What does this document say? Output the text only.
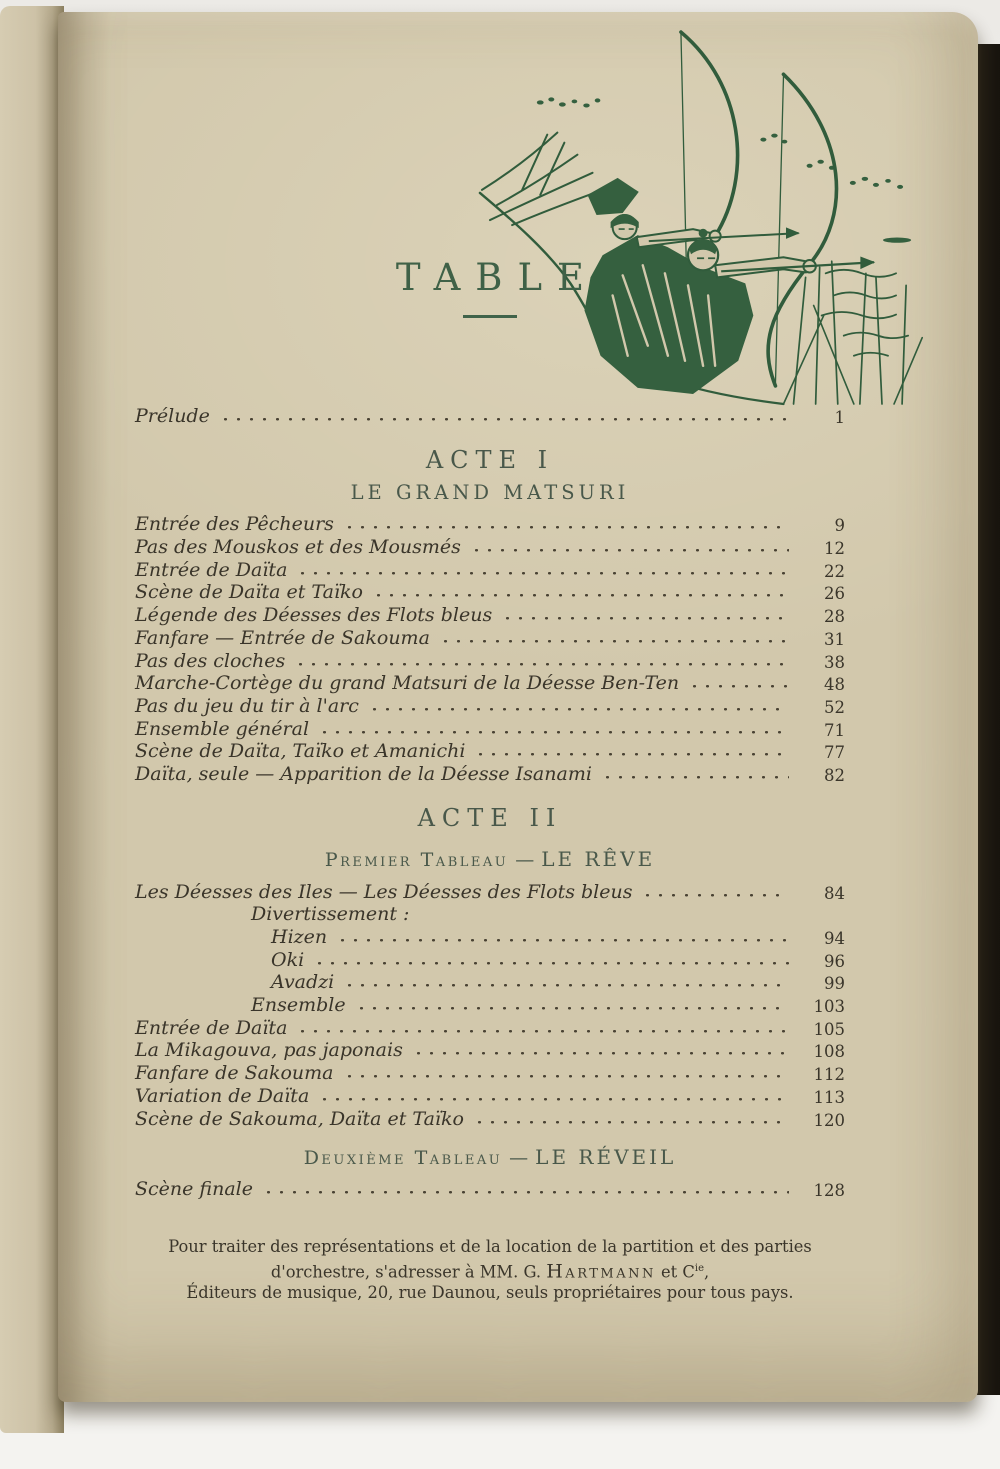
TABLE
Prélude	1
ACTE I
LE GRAND MATSURI
Entrée des Pêcheurs	9
Pas des Mouskos et des Mousmés	12
Entrée de Daïta	22
Scène de Daïta et Taïko	26
Légende des Déesses des Flots bleus	28
Fanfare — Entrée de Sakouma	31
Pas des cloches	38
Marche-Cortège du grand Matsuri de la Déesse Ben-Ten	48
Pas du jeu du tir à l'arc	52
Ensemble général	71
Scène de Daïta, Taïko et Amanichi	77
Daïta, seule — Apparition de la Déesse Isanami	82
ACTE II
Premier Tableau — LE RÊVE
Les Déesses des Iles — Les Déesses des Flots bleus	84
Divertissement :
Hizen	94
Oki	96
Avadzi	99
Ensemble	103
Entrée de Daïta	105
La Mikagouva, pas japonais	108
Fanfare de Sakouma	112
Variation de Daïta	113
Scène de Sakouma, Daïta et Taïko	120
Deuxième Tableau — LE RÉVEIL
Scène finale	128
Pour traiter des représentations et de la location de la partition et des parties
d'orchestre, s'adresser à MM. G. Hartmann et $C^{ie}$,
Éditeurs de musique, 20, rue Daunou, seuls propriétaires pour tous pays.
